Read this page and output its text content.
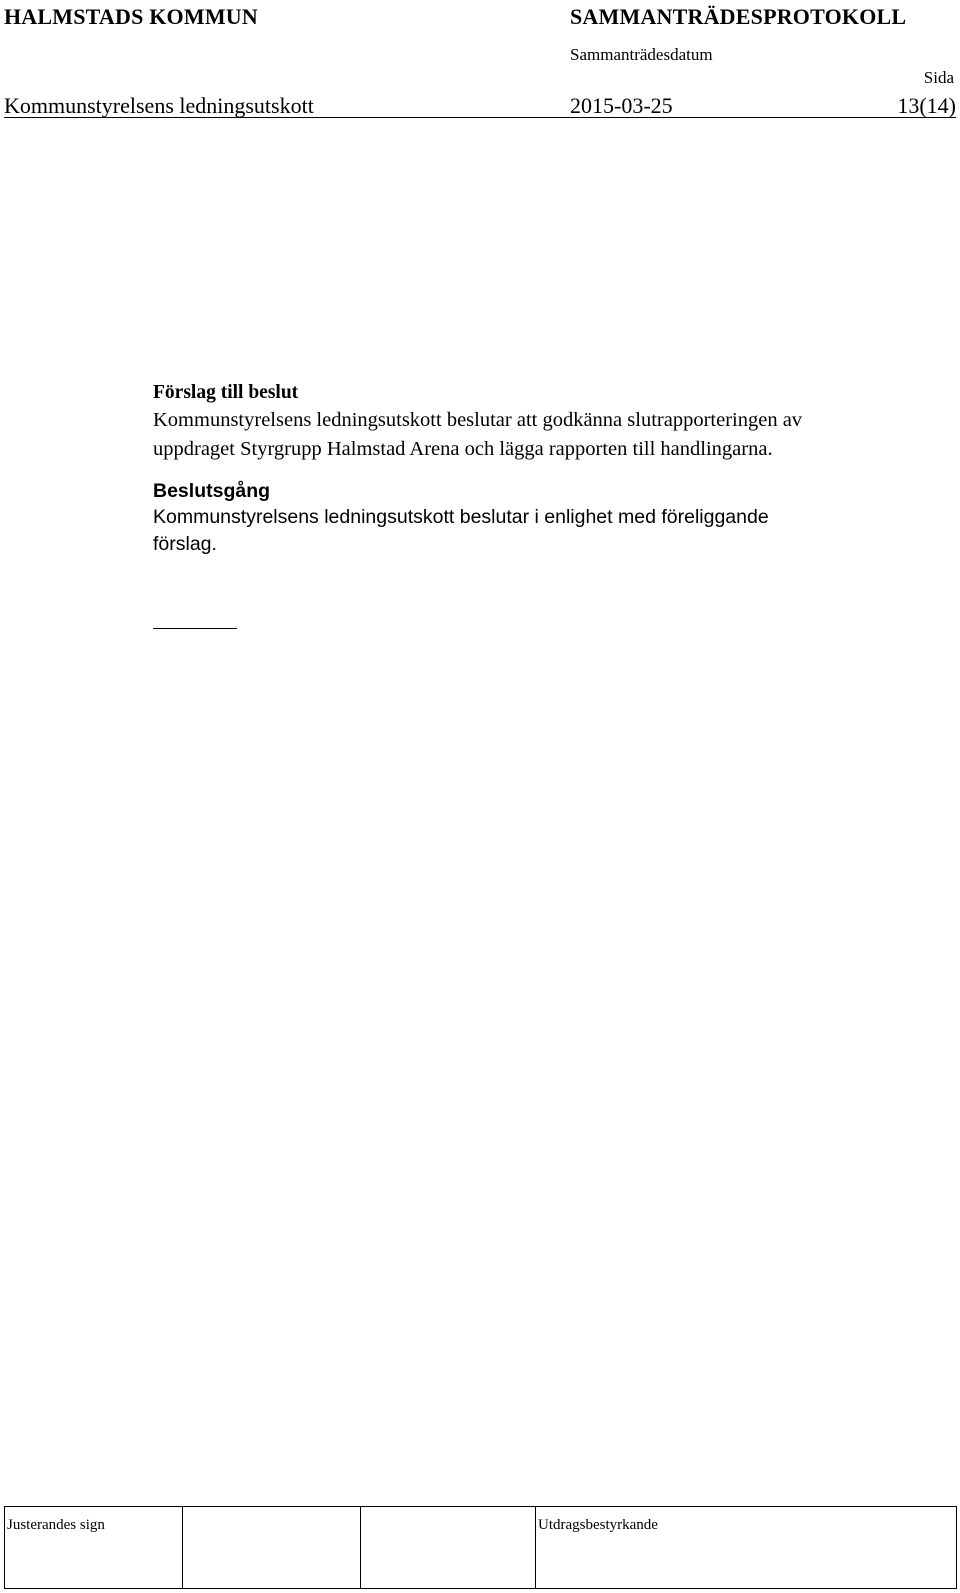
HALMSTADS KOMMUN	SAMMANTRÄDESPROTOKOLL
Sammanträdesdatum
Sida
Kommunstyrelsens ledningsutskott	2015-03-25	13(14)

Förslag till beslut

Kommunstyrelsens ledningsutskott beslutar att godkänna slutrapporteringen av

uppdraget Styrgrupp Halmstad Arena och lägga rapporten till handlingarna.

Beslutsgång

Kommunstyrelsens ledningsutskott beslutar i enlighet med föreliggande

förslag.

Justerandes sign	Utdragsbestyrkande
